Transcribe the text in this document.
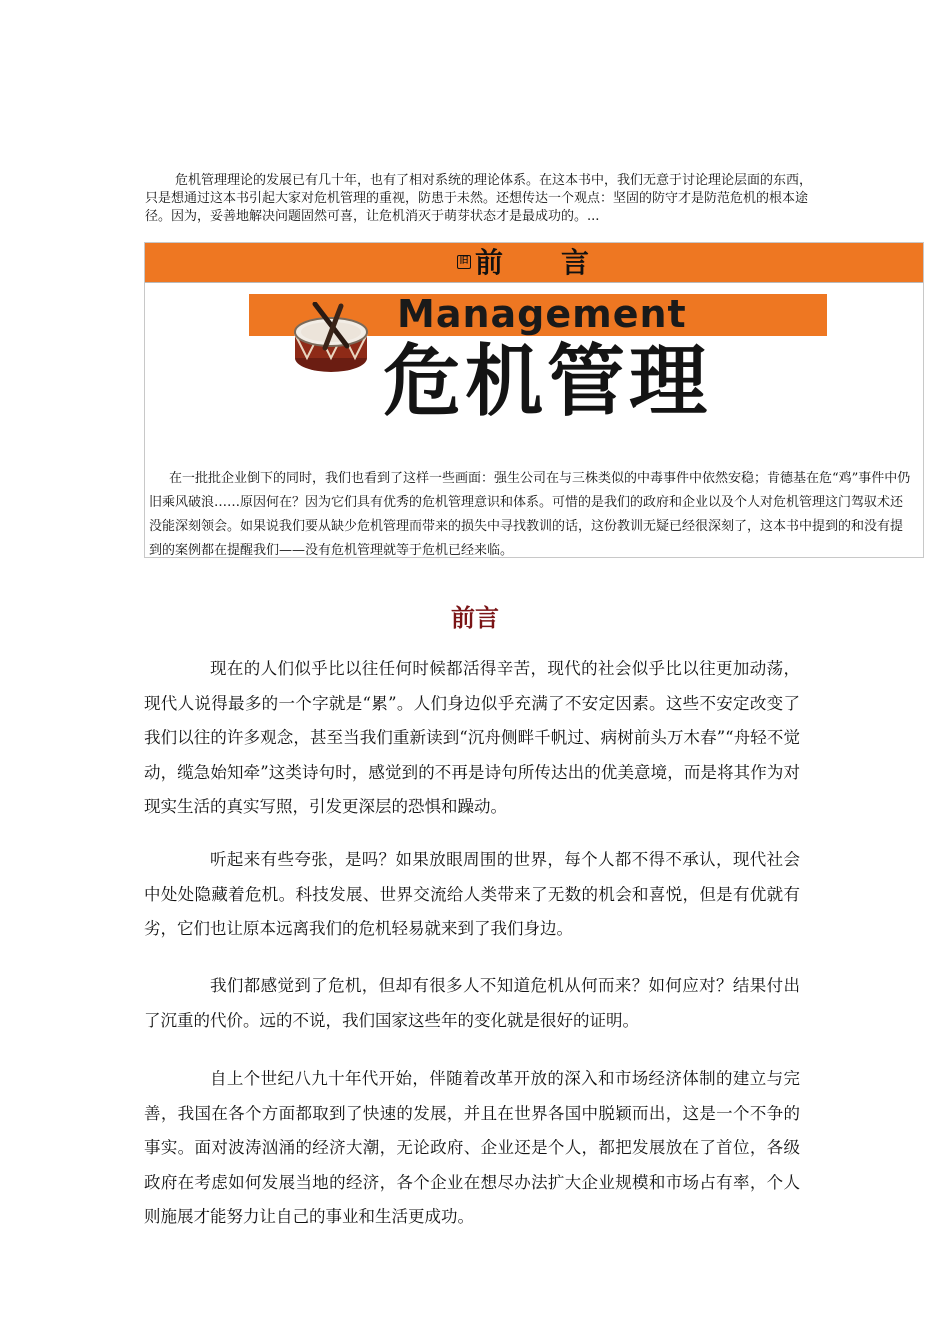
危机管理理论的发展已有几十年，也有了相对系统的理论体系。在这本书中，我们无意于讨论理论层面的东西，只是想通过这本书引起大家对危机管理的重视，防患于未然。还想传达一个观点：坚固的防守才是防范危机的根本途径。因为，妥善地解决问题固然可喜，让危机消灭于萌芽状态才是最成功的。...

旧 前言
Management
危机管理

在一批批企业倒下的同时，我们也看到了这样一些画面：强生公司在与三株类似的中毒事件中依然安稳；肯德基在危“鸡”事件中仍旧乘风破浪……原因何在？因为它们具有优秀的危机管理意识和体系。可惜的是我们的政府和企业以及个人对危机管理这门驾驭术还没能深刻领会。如果说我们要从缺少危机管理而带来的损失中寻找教训的话，这份教训无疑已经很深刻了，这本书中提到的和没有提到的案例都在提醒我们——没有危机管理就等于危机已经来临。

前言

现在的人们似乎比以往任何时候都活得辛苦，现代的社会似乎比以往更加动荡，现代人说得最多的一个字就是“累”。人们身边似乎充满了不安定因素。这些不安定改变了我们以往的许多观念，甚至当我们重新读到“沉舟侧畔千帆过、病树前头万木春”“舟轻不觉动，缆急始知牵”这类诗句时，感觉到的不再是诗句所传达出的优美意境，而是将其作为对现实生活的真实写照，引发更深层的恐惧和躁动。

听起来有些夸张，是吗？如果放眼周围的世界，每个人都不得不承认，现代社会中处处隐藏着危机。科技发展、世界交流给人类带来了无数的机会和喜悦，但是有优就有劣，它们也让原本远离我们的危机轻易就来到了我们身边。

我们都感觉到了危机，但却有很多人不知道危机从何而来？如何应对？结果付出了沉重的代价。远的不说，我们国家这些年的变化就是很好的证明。

自上个世纪八九十年代开始，伴随着改革开放的深入和市场经济体制的建立与完善，我国在各个方面都取到了快速的发展，并且在世界各国中脱颖而出，这是一个不争的事实。面对波涛汹涌的经济大潮，无论政府、企业还是个人，都把发展放在了首位，各级政府在考虑如何发展当地的经济，各个企业在想尽办法扩大企业规模和市场占有率，个人则施展才能努力让自己的事业和生活更成功。
